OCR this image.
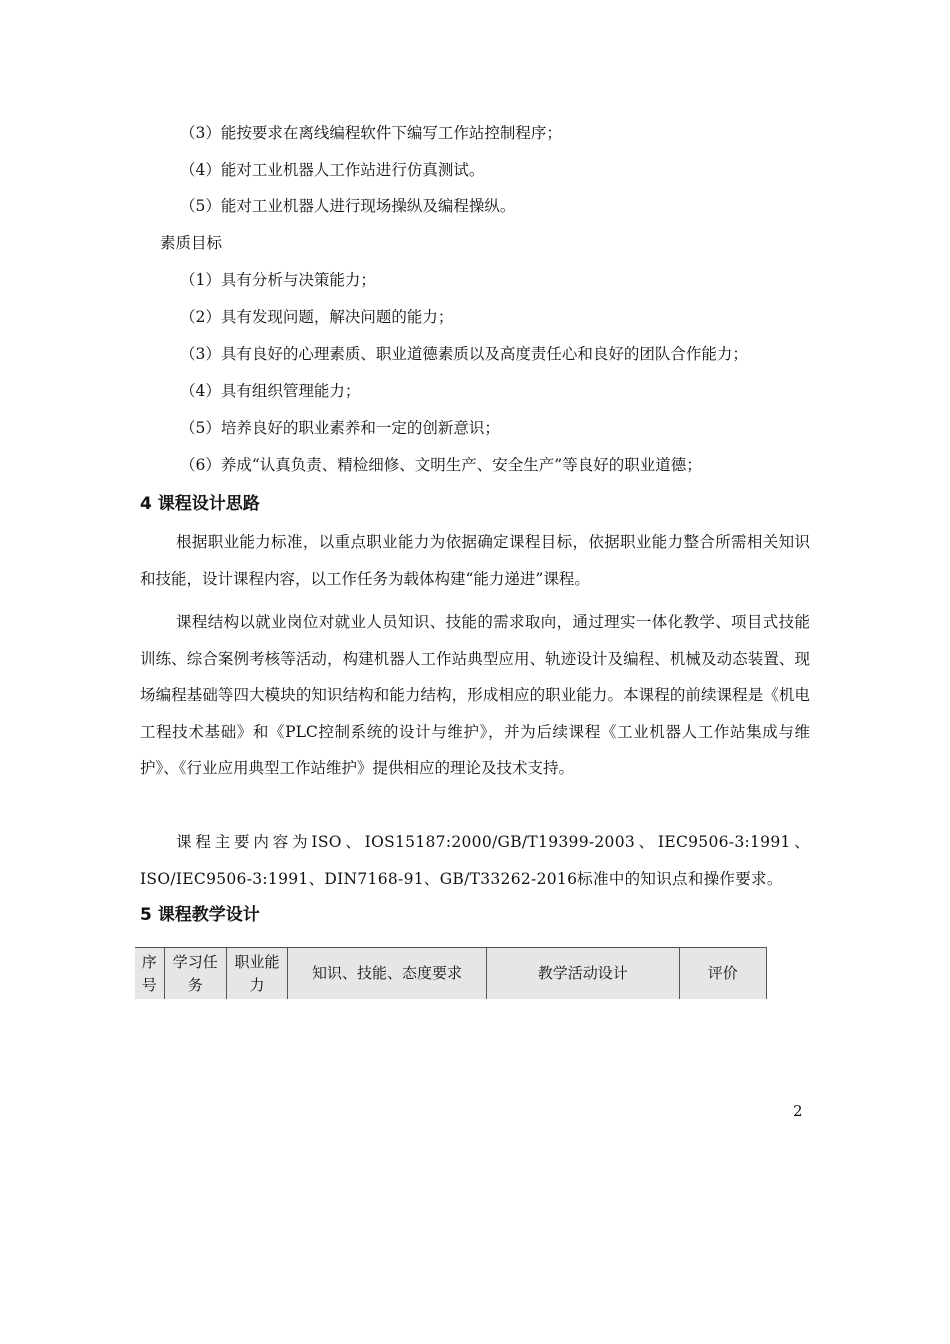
（3）能按要求在离线编程软件下编写工作站控制程序；
（4）能对工业机器人工作站进行仿真测试。
（5）能对工业机器人进行现场操纵及编程操纵。
素质目标
（1）具有分析与决策能力；
（2）具有发现问题，解决问题的能力；
（3）具有良好的心理素质、职业道德素质以及高度责任心和良好的团队合作能力；
（4）具有组织管理能力；
（5）培养良好的职业素养和一定的创新意识；
（6）养成“认真负责、精检细修、文明生产、安全生产”等良好的职业道德；
4 课程设计思路
根据职业能力标准，以重点职业能力为依据确定课程目标，依据职业能力整合所需相关知识和技能，设计课程内容，以工作任务为载体构建“能力递进”课程。
课程结构以就业岗位对就业人员知识、技能的需求取向，通过理实一体化教学、项目式技能训练、综合案例考核等活动，构建机器人工作站典型应用、轨迹设计及编程、机械及动态装置、现场编程基础等四大模块的知识结构和能力结构，形成相应的职业能力。本课程的前续课程是《机电工程技术基础》和《PLC控制系统的设计与维护》，并为后续课程《工业机器人工作站集成与维护》、《行业应用典型工作站维护》提供相应的理论及技术支持。
课程主要内容为ISO、IOS15187:2000/GB/T19399-2003、IEC9506-3:1991、ISO/IEC9506-3:1991、DIN7168-91、GB/T33262-2016标准中的知识点和操作要求。
5 课程教学设计
序号	学习任务	职业能力	知识、技能、态度要求	教学活动设计	评价
2
